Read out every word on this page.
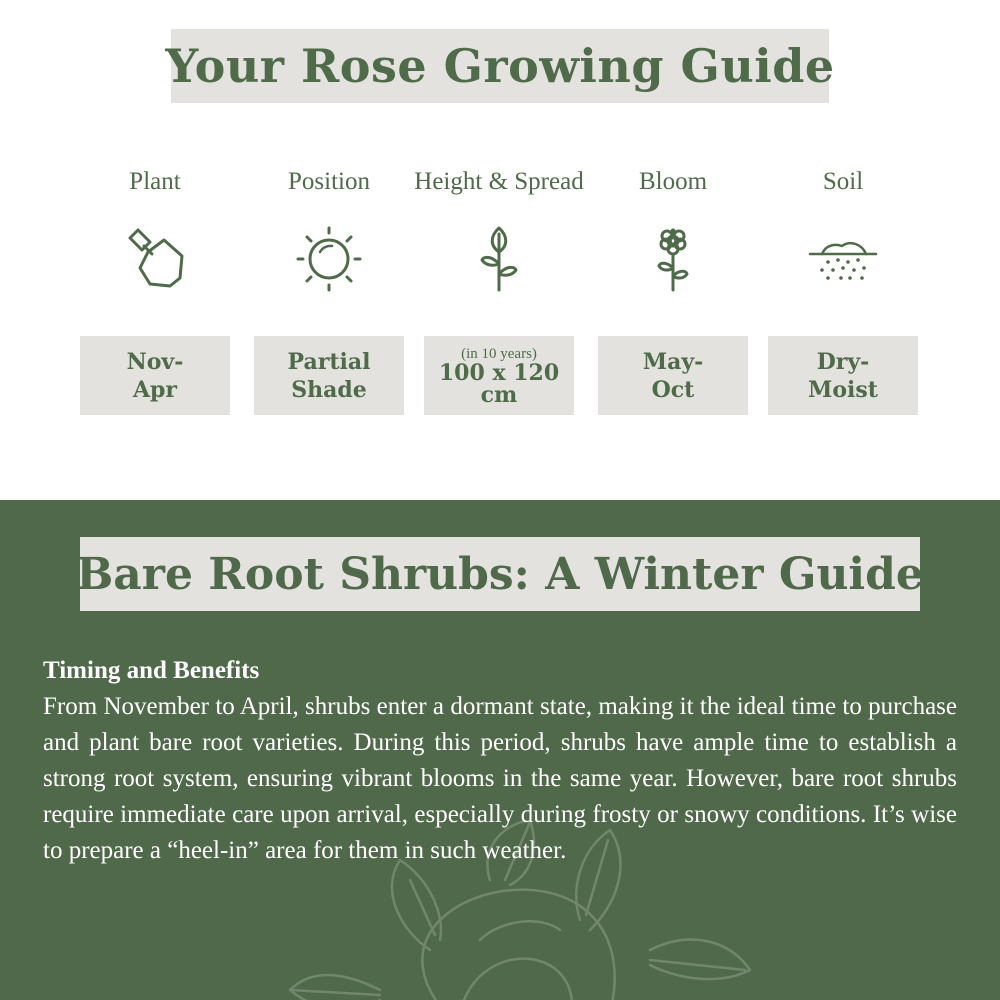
Your Rose Growing Guide
Plant
Nov-
Apr
Position
Partial
Shade
Height & Spread
(in 10 years)
100 x 120
cm
Bloom
May-
Oct
Soil
Dry-
Moist
Bare Root Shrubs: A Winter Guide
Timing and Benefits
From November to April, shrubs enter a dormant state, making it the ideal time to purchase and plant bare root varieties. During this period, shrubs have ample time to establish a strong root system, ensuring vibrant blooms in the same year. However, bare root shrubs require immediate care upon arrival, especially during frosty or snowy conditions. It’s wise to prepare a “heel-in” area for them in such weather.
